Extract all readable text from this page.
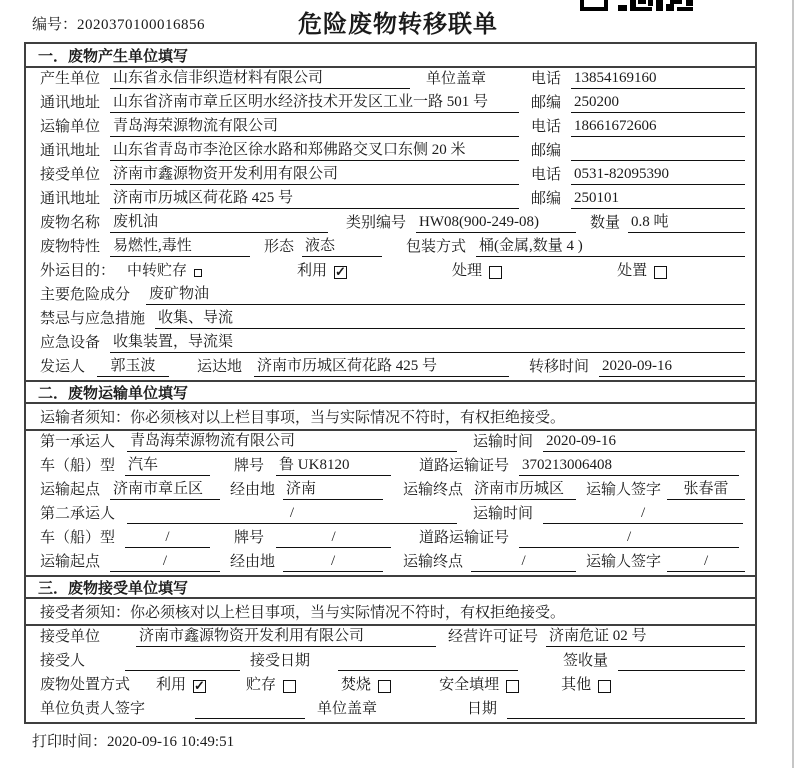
编号：2020370100016856	危险废物转移联单
一．废物产生单位填写
产生单位 山东省永信非织造材料有限公司	单位盖章	电话 13854169160
通讯地址 山东省济南市章丘区明水经济技术开发区工业一路 501 号	邮编 250200
运输单位 青岛海荣源物流有限公司	电话 18661672606
通讯地址 山东省青岛市李沧区徐水路和郑佛路交叉口东侧 20 米	邮编
接受单位 济南市鑫源物资开发利用有限公司	电话 0531-82095390
通讯地址 济南市历城区荷花路 425 号	邮编 250101
废物名称 废机油	类别编号 HW08(900-249-08)	数量 0.8 吨
废物特性 易燃性,毒性	形态 液态	包装方式 桶(金属,数量 4 )
外运目的： 中转贮存	利用 ✓	处理	处置
主要危险成分 废矿物油
禁忌与应急措施 收集、导流
应急设备 收集装置，导流渠
发运人	郭玉波	运达地 济南市历城区荷花路 425 号	转移时间 2020-09-16
二．废物运输单位填写
运输者须知：你必须核对以上栏目事项，当与实际情况不符时，有权拒绝接受。
第一承运人 青岛海荣源物流有限公司	运输时间 2020-09-16
车（船）型 汽车	牌号 鲁 UK8120	道路运输证号 370213006408
运输起点 济南市章丘区	经由地 济南	运输终点 济南市历城区	运输人签字	张春雷
第二承运人	/	运输时间	/
车（船）型	/	牌号	/	道路运输证号	/
运输起点	/	经由地	/	运输终点	/	运输人签字	/
三．废物接受单位填写
接受者须知：你必须核对以上栏目事项，当与实际情况不符时，有权拒绝接受。
接受单位	济南市鑫源物资开发利用有限公司	经营许可证号 济南危证 02 号
接受人	接受日期	签收量
废物处置方式 利用 ✓	贮存	焚烧	安全填埋	其他
单位负责人签字	单位盖章	日期
打印时间：2020-09-16 10:49:51
